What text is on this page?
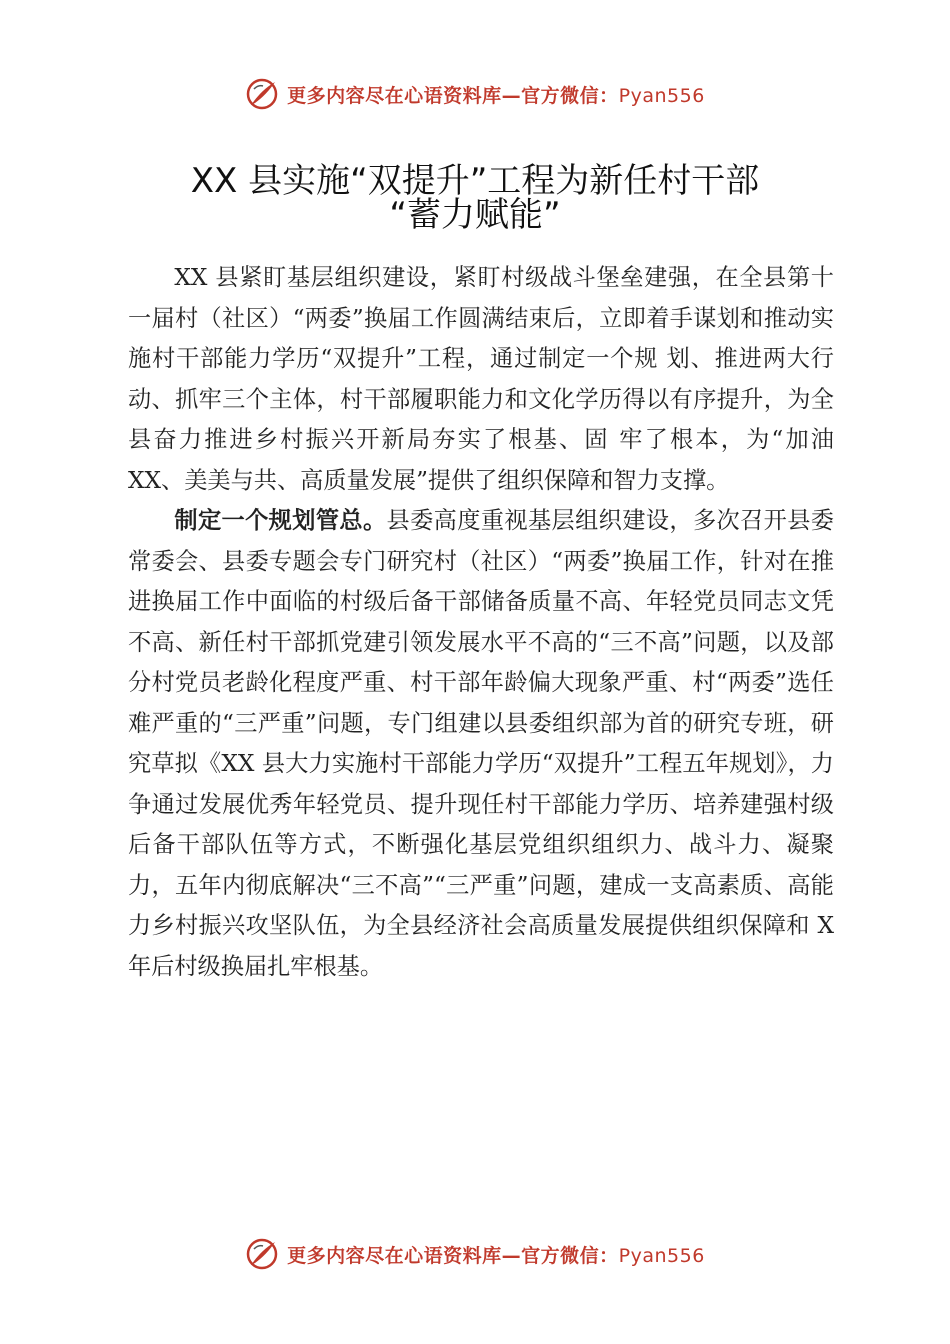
更多内容尽在心语资料库—官方微信：Pyan556
XX 县实施“双提升”工程为新任村干部
“蓄力赋能”

XX 县紧盯基层组织建设，紧盯村级战斗堡垒建强，在全县第十一届村（社区）“两委”换届工作圆满结束后，立即着手谋划和推动实施村干部能力学历“双提升”工程，通过制定一个规 划、推进两大行动、抓牢三个主体，村干部履职能力和文化学历得以有序提升，为全县奋力推进乡村振兴开新局夯实了根基、固 牢了根本，为“加油 XX、美美与共、高质量发展”提供了组织保障和智力支撑。

制定一个规划管总。县委高度重视基层组织建设，多次召开县委常委会、县委专题会专门研究村（社区）“两委”换届工作，针对在推进换届工作中面临的村级后备干部储备质量不高、年轻党员同志文凭不高、新任村干部抓党建引领发展水平不高的“三不高”问题，以及部分村党员老龄化程度严重、村干部年龄偏大现象严重、村“两委”选任难严重的“三严重”问题，专门组建以县委组织部为首的研究专班，研究草拟《XX 县大力实施村干部能力学历“双提升”工程五年规划》，力争通过发展优秀年轻党员、提升现任村干部能力学历、培养建强村级后备干部队伍等方式，不断强化基层党组织组织力、战斗力、凝聚力，五年内彻底解决“三不高”“三严重”问题，建成一支高素质、高能力乡村振兴攻坚队伍，为全县经济社会高质量发展提供组织保障和 X 年后村级换届扎牢根基。

更多内容尽在心语资料库—官方微信：Pyan556
